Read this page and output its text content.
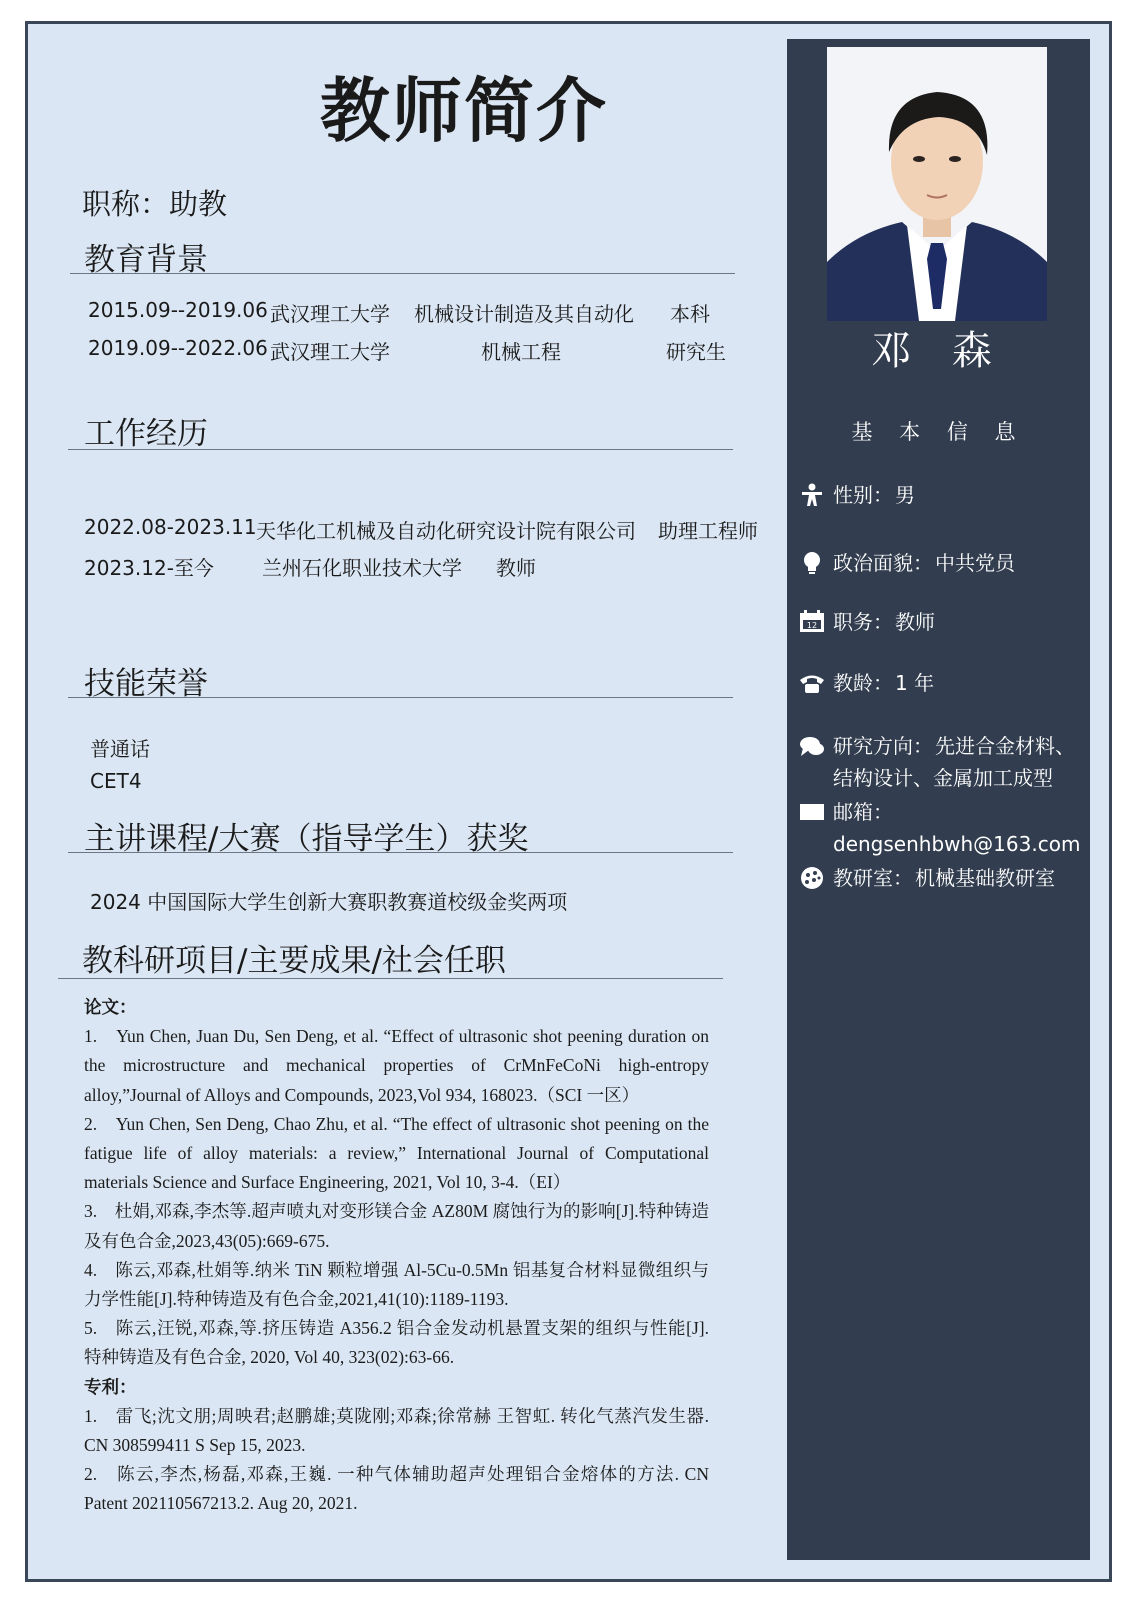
教师简介
职称：助教
教育背景
2015.09--2019.06 武汉理工大学 机械设计制造及其自动化 本科
2019.09--2022.06 武汉理工大学	机械工程	研究生
工作经历
2022.08-2023.11 天华化工机械及自动化研究设计院有限公司 助理工程师
2023.12-至今 兰州石化职业技术大学 教师
技能荣誉
普通话
CET4
主讲课程/大赛（指导学生）获奖
2024 中国国际大学生创新大赛职教赛道校级金奖两项
教科研项目/主要成果/社会任职

论文：

1.　Yun Chen, Juan Du, Sen Deng, et al. “Effect of ultrasonic shot peening duration on the microstructure and mechanical properties of CrMnFeCoNi high-entropy alloy,”Journal of Alloys and Compounds, 2023,Vol 934, 168023.（SCI 一区）

2.　Yun Chen, Sen Deng, Chao Zhu, et al. “The effect of ultrasonic shot peening on the fatigue life of alloy materials: a review,” International Journal of Computational materials Science and Surface Engineering, 2021, Vol 10, 3-4.（EI）

3.　杜娟,邓森,李杰等.超声喷丸对变形镁合金 AZ80M 腐蚀行为的影响[J].特种铸造及有色合金,2023,43(05):669-675.

4.　陈云,邓森,杜娟等.纳米 TiN 颗粒增强 Al-5Cu-0.5Mn 铝基复合材料显微组织与力学性能[J].特种铸造及有色合金,2021,41(10):1189-1193.

5.　陈云,汪锐,邓森,等.挤压铸造 A356.2 铝合金发动机悬置支架的组织与性能[J]. 特种铸造及有色合金, 2020, Vol 40, 323(02):63-66.

专利：

1.　雷飞;沈文朋;周映君;赵鹏雄;莫陇刚;邓森;徐常赫 王智虹. 转化气蒸汽发生器. CN 308599411 S Sep 15, 2023.

2.　陈云,李杰,杨磊,邓森,王巍. 一种气体辅助超声处理铝合金熔体的方法. CN Patent 202110567213.2. Aug 20, 2021.

邓 森
基 本 信 息
性别： 男
政治面貌： 中共党员
12 职务： 教师
教龄： 1 年
研究方向： 先进合金材料、
结构设计、金属加工成型
邮箱：
dengsenhbwh@163.com
教研室： 机械基础教研室
